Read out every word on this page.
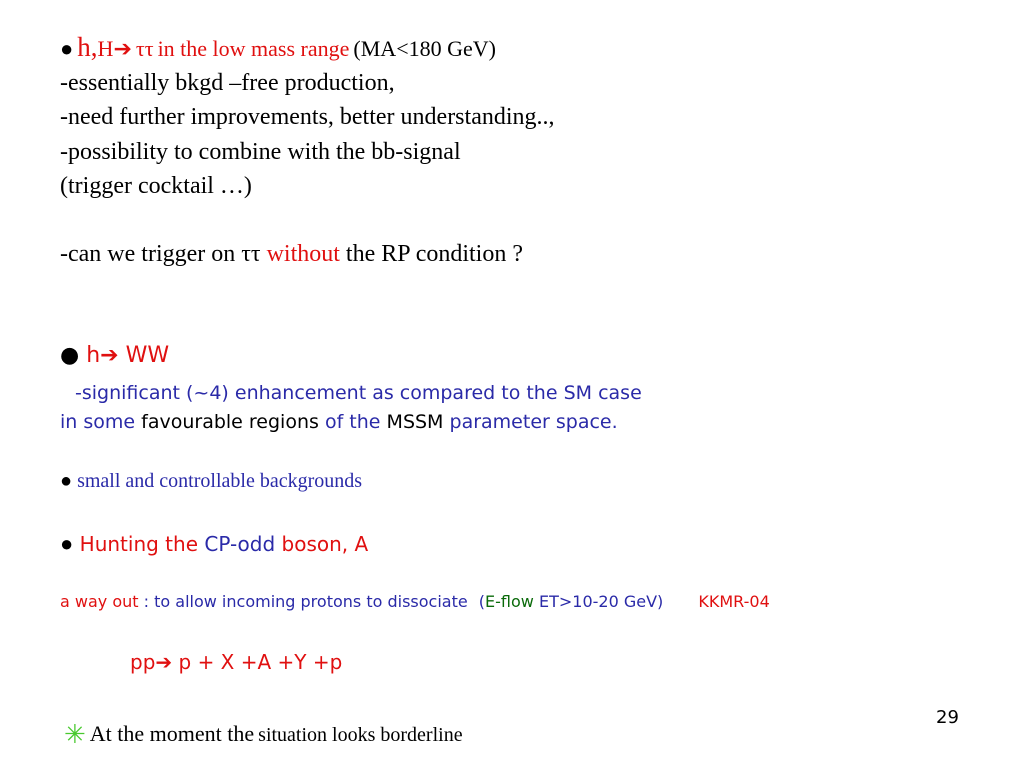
● h,H➔ ττ in the low mass range (MA<180 GeV)
-essentially bkgd –free production,
-need further improvements, better understanding..,
-possibility to combine with the bb-signal
(trigger cocktail …)
-can we trigger on ττ without the RP condition ?
● h➔ WW
-significant (~4) enhancement as compared to the SM case
in some favourable regions of the MSSM parameter space.
● small and controllable backgrounds
● Hunting the CP-odd boson, A
a way out : to allow incoming protons to dissociate (E-flow ET>10-20 GeV) KKMR-04
pp➔ p + X +A +Y +p
29
✳ At the moment the situation looks borderline
